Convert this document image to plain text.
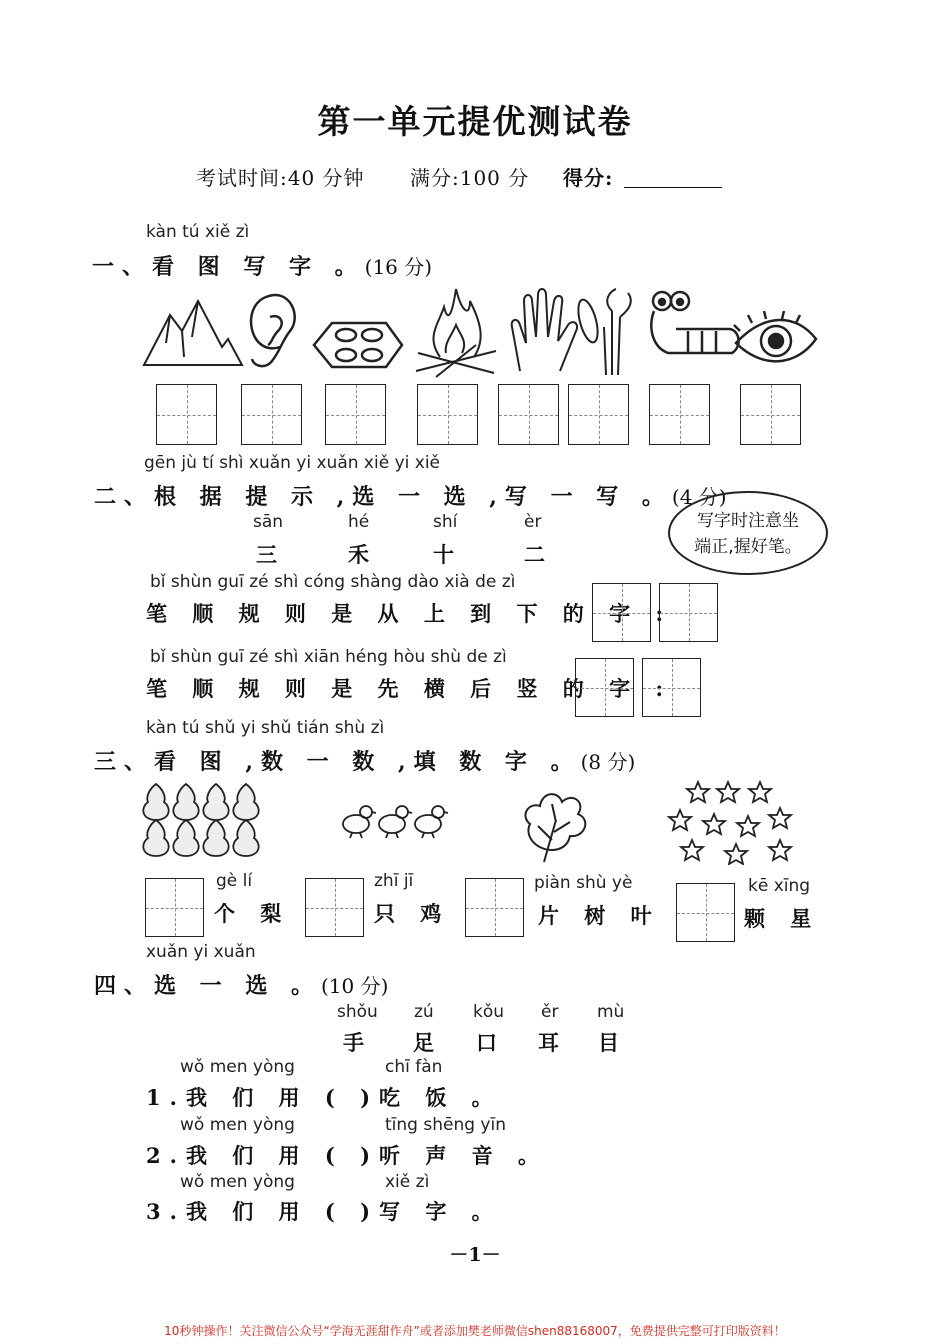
第一单元提优测试卷
考试时间:40 分钟 满分:100 分 得分:
kàn tú xiě zì
一、看 图 写 字 。(16 分)
gēn jù tí shì xuǎn yi xuǎn xiě yi xiě
二、根 据 提 示 ,选 一 选 ,写 一 写 。(4 分)
写字时注意坐
端正,握好笔。
sān	hé	shí	èr
三	禾	十	二
bǐ shùn guī zé shì cóng shàng dào xià de zì
笔 顺 规 则 是 从 上 到 下 的 字 :
bǐ shùn guī zé shì xiān héng hòu shù de zì
笔 顺 规 则 是 先 横 后 竖 的 字 :
kàn tú shǔ yi shǔ tián shù zì
三、看 图 ,数 一 数 ,填 数 字 。(8 分)
gè lí
个 梨
zhī jī
只 鸡
piàn shù yè
片 树 叶
kē xīng
颗 星
xuǎn yi xuǎn
四、选 一 选 。(10 分)
shǒu zú kǒu ěr mù
手 足 口 耳 目
wǒ men yòng	chī fàn
1.我 们 用 ( )吃 饭 。
wǒ men yòng	tīng shēng yīn
2.我 们 用 ( )听 声 音 。
wǒ men yòng	xiě zì
3.我 们 用 ( )写 字 。
－1－
10秒钟操作！关注微信公众号“学海无涯甜作舟”或者添加樊老师微信shen88168007，免费提供完整可打印版资料！
